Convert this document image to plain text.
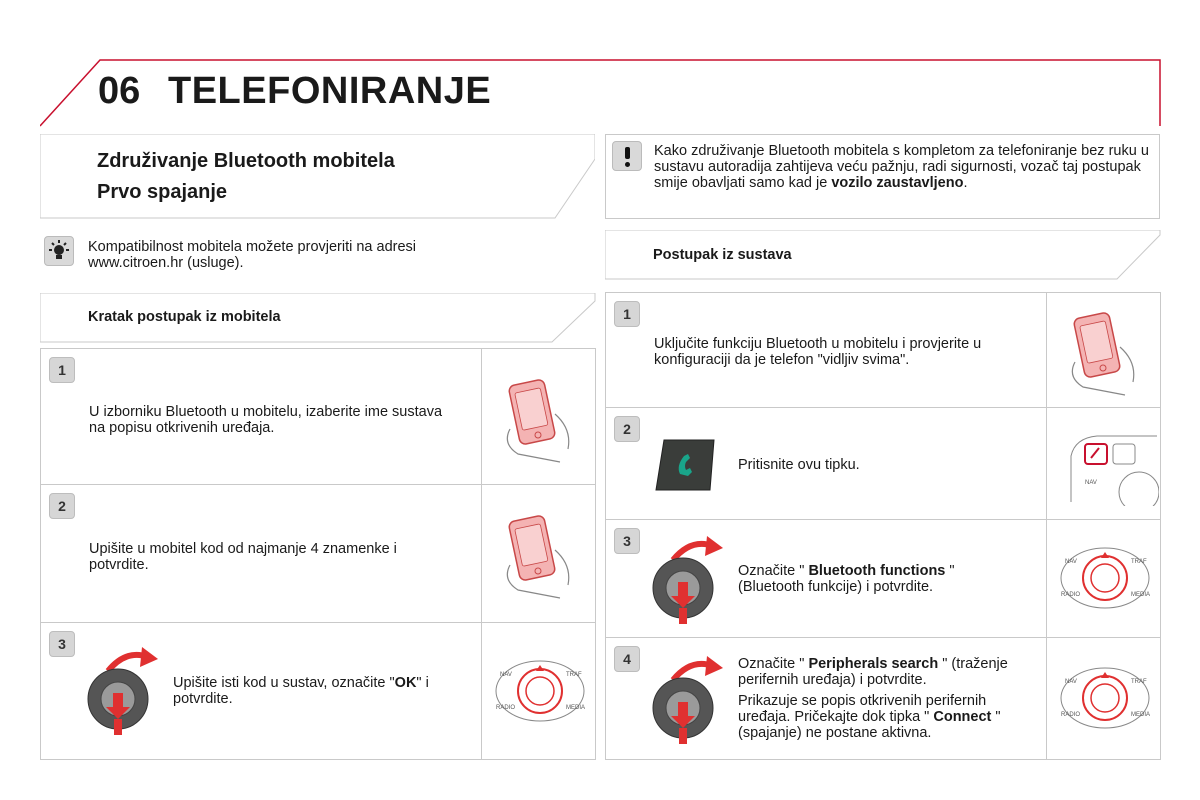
06 TELEFONIRANJE
Združivanje Bluetooth mobitela
Prvo spajanje
Kako združivanje Bluetooth mobitela s kompletom za telefoniranje bez ruku u sustavu autoradija zahtijeva veću pažnju, radi sigurnosti, vozač taj postupak smije obavljati samo kad je vozilo zaustavljeno.
Kompatibilnost mobitela možete provjeriti na adresi
www.citroen.hr (usluge).	Postupak iz sustava
Kratak postupak iz mobitela
1
U izborniku Bluetooth u mobitelu, izaberite ime sustava na popisu otkrivenih uređaja.
2
Upišite u mobitel kod od najmanje 4 znamenke i potvrdite.
3
Upišite isti kod u sustav, označite "OK" i potvrdite.
NAV	TRAF
RADIO	MEDIA
1
Uključite funkciju Bluetooth u mobitelu i provjerite u konfiguraciji da je telefon "vidljiv svima".
2
Pritisnite ovu tipku.
NAV
3
Označite " Bluetooth functions " (Bluetooth funkcije) i potvrdite.
NAV	TRAF
RADIO	MEDIA
4	Označite " Peripherals search " (traženje perifernih uređaja) i potvrdite.
Prikazuje se popis otkrivenih perifernih uređaja. Pričekajte dok tipka " Connect " (spajanje) ne postane aktivna.
NAV	TRAF
RADIO	MEDIA
